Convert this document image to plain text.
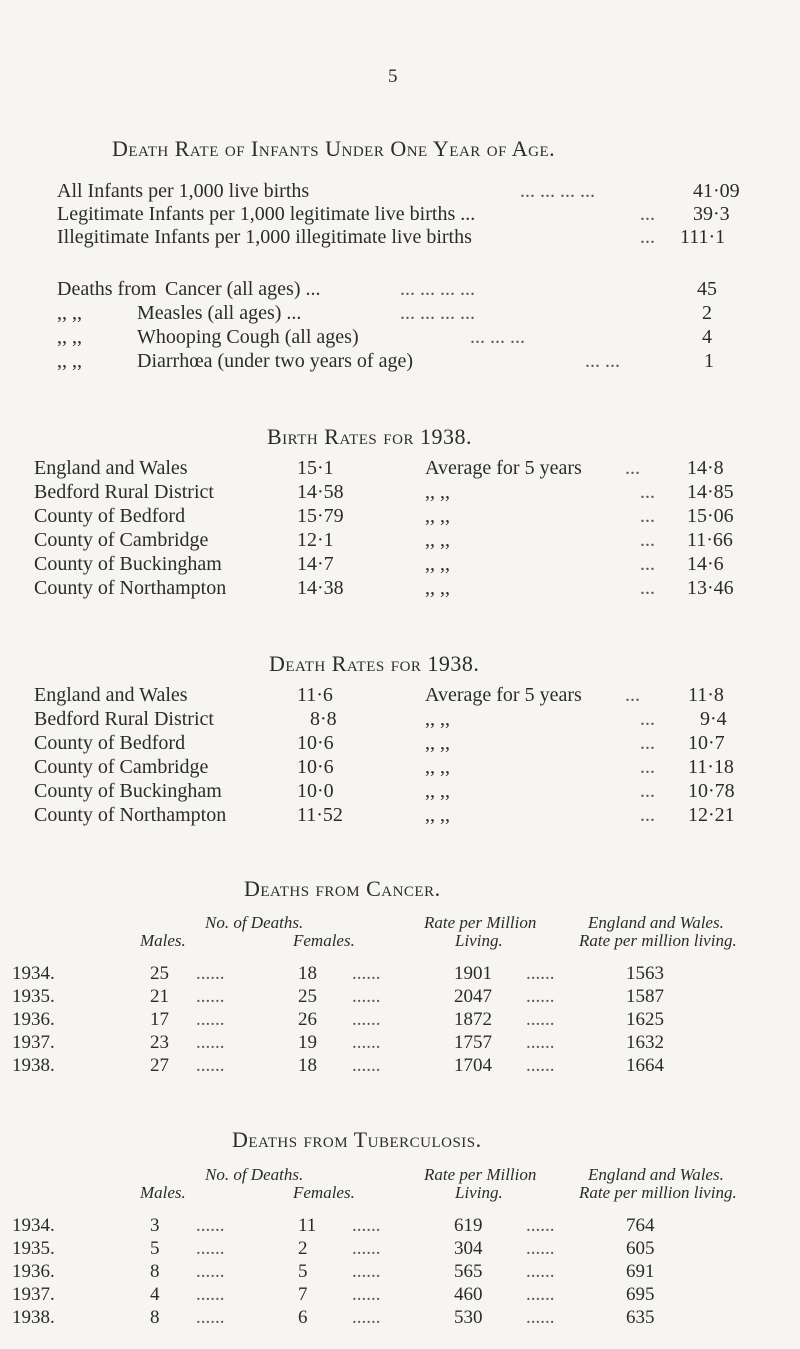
5
Death Rate of Infants Under One Year of Age.
All Infants per 1,000 live births	... ... ... ...	41·09
Legitimate Infants per 1,000 legitimate live births ...	... 39·3
Illegitimate Infants per 1,000 illegitimate live births	... 111·1
Deaths from Cancer (all ages) ...	... ... ... ...	45
,, ,,	Measles (all ages) ...	... ... ... ...	2
,, ,,	Whooping Cough (all ages)	... ... ...	4
,, ,,	Diarrhœa (under two years of age)	... ...	1
Birth Rates for 1938.
England and Wales	15·1	Average for 5 years ... 14·8
Bedford Rural District	14·58	,, ,,	... 14·85
County of Bedford	15·79	,, ,,	... 15·06
County of Cambridge	12·1	,, ,,	... 11·66
County of Buckingham	14·7	,, ,,	... 14·6
County of Northampton	14·38	,, ,,	... 13·46
Death Rates for 1938.
England and Wales	11·6	Average for 5 years ... 11·8
Bedford Rural District	8·8	,, ,,	... 9·4
County of Bedford	10·6	,, ,,	... 10·7
County of Cambridge	10·6	,, ,,	... 11·18
County of Buckingham	10·0	,, ,,	... 10·78
County of Northampton	11·52	,, ,,	... 12·21
Deaths from Cancer.
No. of Deaths.
Males.	Females.
Rate per Million
Living.
England and Wales.
Rate per million living.
1934.	25 ......	18 ......	1901 ......	1563
1935.	21 ......	25 ......	2047 ......	1587
1936.	17 ......	26 ......	1872 ......	1625
1937.	23 ......	19 ......	1757 ......	1632
1938.	27 ......	18 ......	1704 ......	1664
Deaths from Tuberculosis.
No. of Deaths.
Males.	Females.
Rate per Million
Living.
England and Wales.
Rate per million living.
1934.	3 ......	11 ......	619 ......	764
1935.	5 ......	2 ......	304 ......	605
1936.	8 ......	5 ......	565 ......	691
1937.	4 ......	7 ......	460 ......	695
1938.	8 ......	6 ......	530 ......	635
